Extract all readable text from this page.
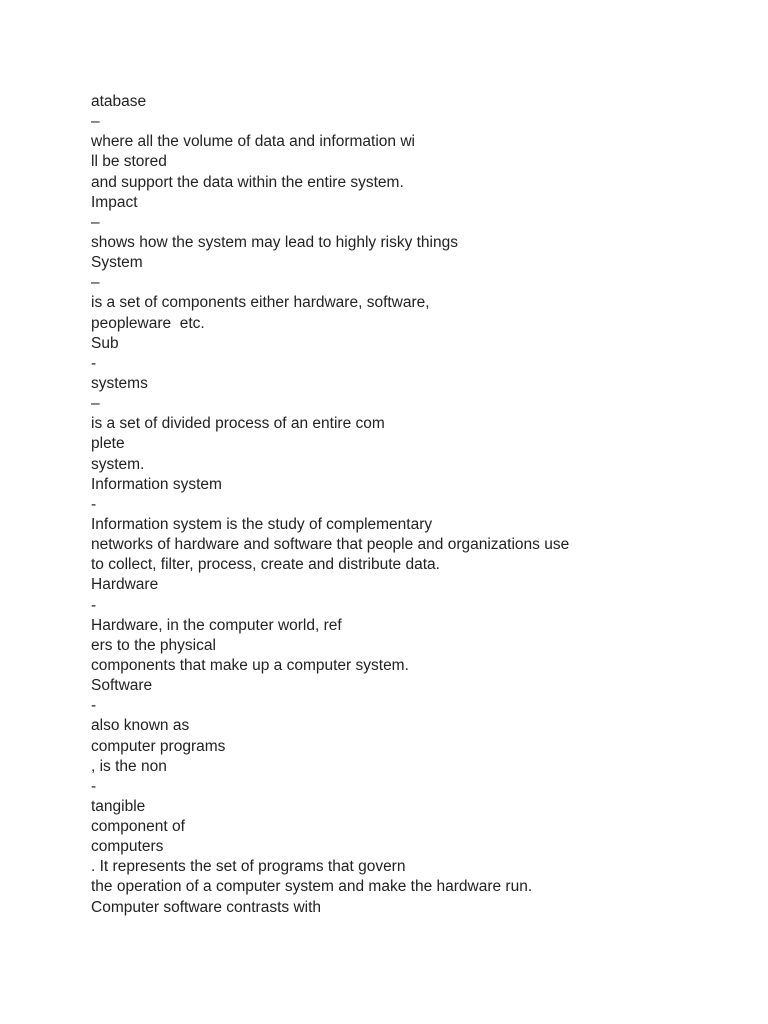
atabase
–
where all the volume of data and information wi
ll be stored
and support the data within the entire system.
Impact
–
shows how the system may lead to highly risky things
System
–
is a set of components either hardware, software,
peopleware  etc.
Sub
-
systems
–
is a set of divided process of an entire com
plete
system.
Information system
-
Information system is the study of complementary
networks of hardware and software that people and organizations use
to collect, filter, process, create and distribute data.
Hardware
-
Hardware, in the computer world, ref
ers to the physical
components that make up a computer system.
Software
-
also known as
computer programs
, is the non
-
tangible
component of
computers
. It represents the set of programs that govern
the operation of a computer system and make the hardware run.
Computer software contrasts with
